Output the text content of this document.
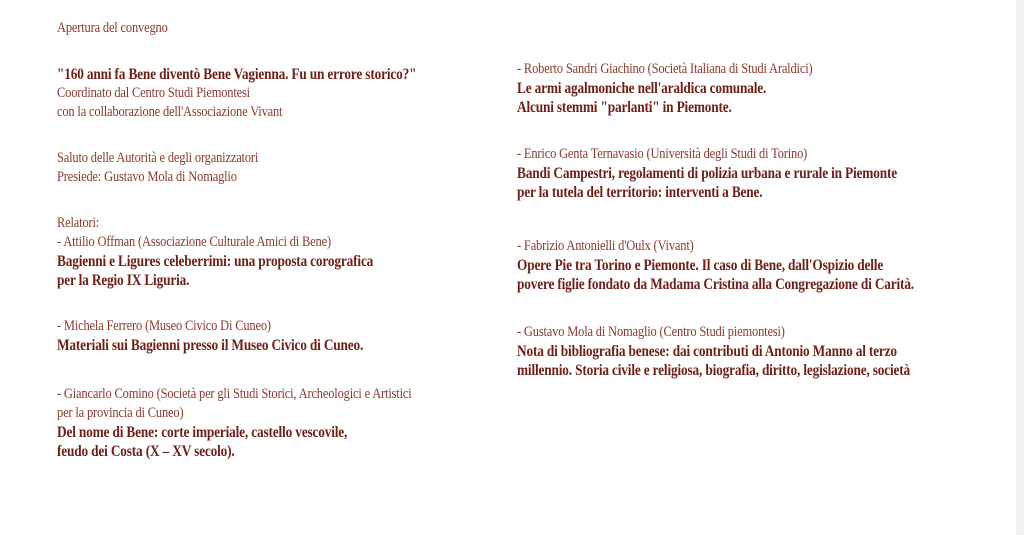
Apertura del convegno
"160 anni fa Bene diventò Bene Vagienna. Fu un errore storico?"
Coordinato dal Centro Studi Piemontesi
con la collaborazione dell'Associazione Vivant
Saluto delle Autorità e degli organizzatori
Presiede: Gustavo Mola di Nomaglio
Relatori:
- Attilio Offman (Associazione Culturale Amici di Bene)
Bagienni e Ligures celeberrimi: una proposta corografica
per la Regio IX Liguria.
- Michela Ferrero (Museo Civico Di Cuneo)
Materiali sui Bagienni presso il Museo Civico di Cuneo.
- Giancarlo Comino (Società per gli Studi Storici, Archeologici e Artistici
per la provincia di Cuneo)
Del nome di Bene: corte imperiale, castello vescovile,
feudo dei Costa (X – XV secolo).
- Roberto Sandri Giachino (Società Italiana di Studi Araldici)
Le armi agalmoniche nell'araldica comunale.
Alcuni stemmi "parlanti" in Piemonte.
- Enrico Genta Ternavasio (Università degli Studi di Torino)
Bandi Campestri, regolamenti di polizia urbana e rurale in Piemonte
per la tutela del territorio: interventi a Bene.
- Fabrizio Antonielli d'Oulx (Vivant)
Opere Pie tra Torino e Piemonte. Il caso di Bene, dall'Ospizio delle
povere figlie fondato da Madama Cristina alla Congregazione di Carità.
- Gustavo Mola di Nomaglio (Centro Studi piemontesi)
Nota di bibliografia benese: dai contributi di Antonio Manno al terzo
millennio. Storia civile e religiosa, biografia, diritto, legislazione, società
